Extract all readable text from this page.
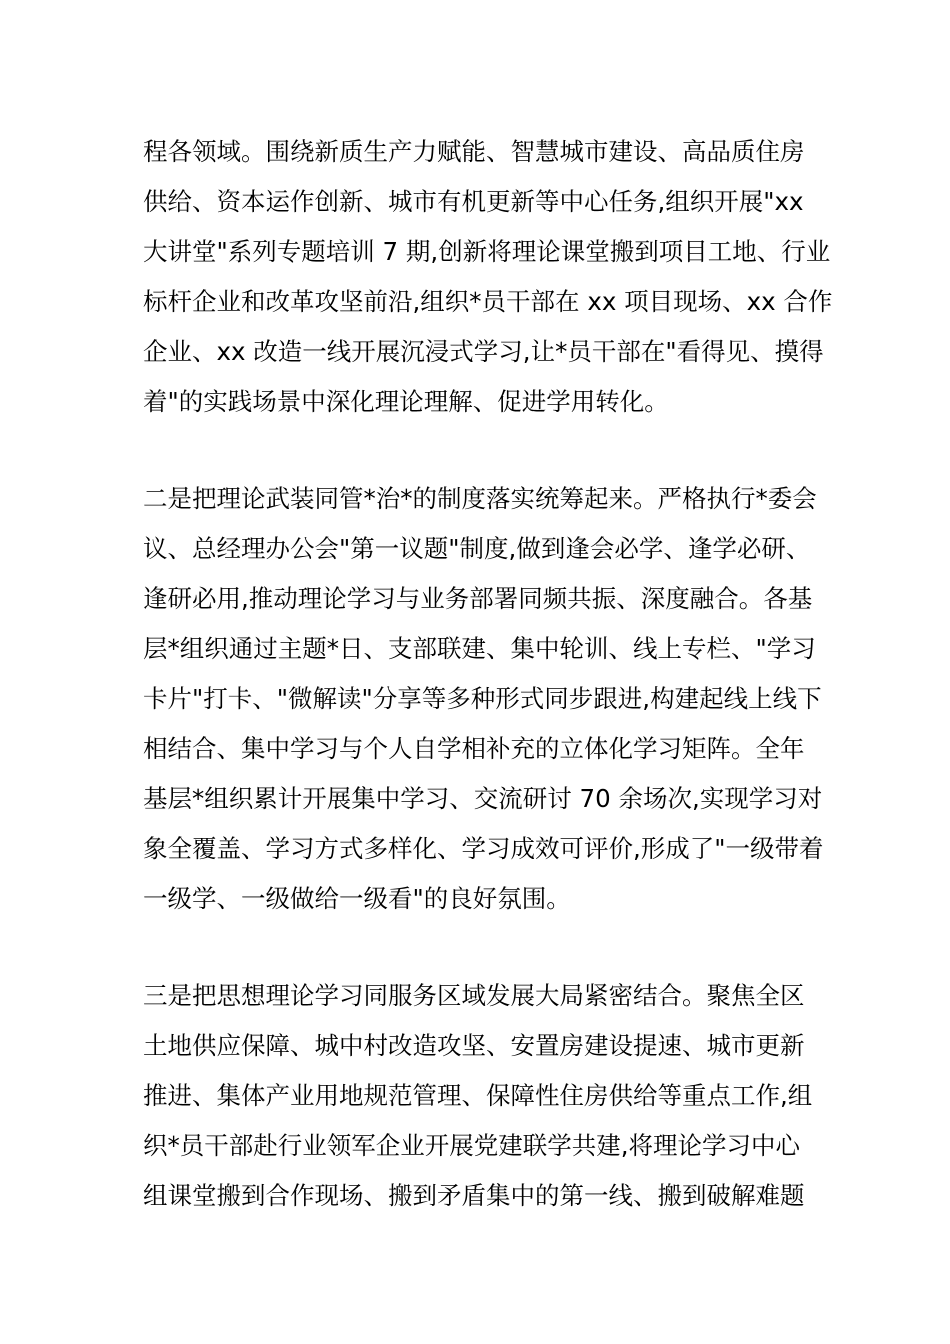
程各领域。围绕新质生产力赋能、智慧城市建设、高品质住房
供给、资本运作创新、城市有机更新等中心任务,组织开展"xx
大讲堂"系列专题培训 7 期,创新将理论课堂搬到项目工地、行业
标杆企业和改革攻坚前沿,组织*员干部在 xx 项目现场、xx 合作
企业、xx 改造一线开展沉浸式学习,让*员干部在"看得见、摸得
着"的实践场景中深化理论理解、促进学用转化。
二是把理论武装同管*治*的制度落实统筹起来。严格执行*委会
议、总经理办公会"第一议题"制度,做到逢会必学、逢学必研、
逢研必用,推动理论学习与业务部署同频共振、深度融合。各基
层*组织通过主题*日、支部联建、集中轮训、线上专栏、"学习
卡片"打卡、"微解读"分享等多种形式同步跟进,构建起线上线下
相结合、集中学习与个人自学相补充的立体化学习矩阵。全年
基层*组织累计开展集中学习、交流研讨 70 余场次,实现学习对
象全覆盖、学习方式多样化、学习成效可评价,形成了"一级带着
一级学、一级做给一级看"的良好氛围。
三是把思想理论学习同服务区域发展大局紧密结合。聚焦全区
土地供应保障、城中村改造攻坚、安置房建设提速、城市更新
推进、集体产业用地规范管理、保障性住房供给等重点工作,组
织*员干部赴行业领军企业开展党建联学共建,将理论学习中心
组课堂搬到合作现场、搬到矛盾集中的第一线、搬到破解难题
